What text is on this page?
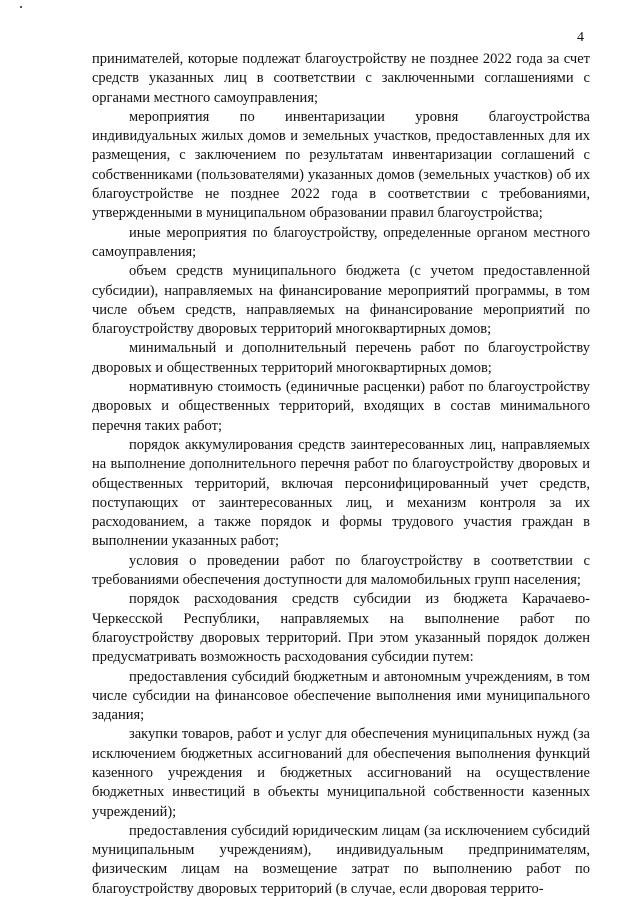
4

принимателей, которые подлежат благоустройству не позднее 2022 года за счет средств указанных лиц в соответствии с заключенными соглашениями с органами местного самоуправления;

мероприятия по инвентаризации уровня благоустройства индивидуальных жилых домов и земельных участков, предоставленных для их размещения, с заключением по результатам инвентаризации соглашений с собственниками (пользователями) указанных домов (земельных участков) об их благоустройстве не позднее 2022 года в соответствии с требованиями, утвержденными в муниципальном образовании правил благоустройства;

иные мероприятия по благоустройству, определенные органом местного самоуправления;

объем средств муниципального бюджета (с учетом предоставленной субсидии), направляемых на финансирование мероприятий программы, в том числе объем средств, направляемых на финансирование мероприятий по благоустройству дворовых территорий многоквартирных домов;

минимальный и дополнительный перечень работ по благоустройству дворовых и общественных территорий многоквартирных домов;

нормативную стоимость (единичные расценки) работ по благоустройству дворовых и общественных территорий, входящих в состав минимального перечня таких работ;

порядок аккумулирования средств заинтересованных лиц, направляемых на выполнение дополнительного перечня работ по благоустройству дворовых и общественных территорий, включая персонифицированный учет средств, поступающих от заинтересованных лиц, и механизм контроля за их расходованием, а также порядок и формы трудового участия граждан в выполнении указанных работ;

условия о проведении работ по благоустройству в соответствии с требованиями обеспечения доступности для маломобильных групп населения;

порядок расходования средств субсидии из бюджета Карачаево-Черкесской Республики, направляемых на выполнение работ по благоустройству дворовых территорий. При этом указанный порядок должен предусматривать возможность расходования субсидии путем:

предоставления субсидий бюджетным и автономным учреждениям, в том числе субсидии на финансовое обеспечение выполнения ими муниципального задания;

закупки товаров, работ и услуг для обеспечения муниципальных нужд (за исключением бюджетных ассигнований для обеспечения выполнения функций казенного учреждения и бюджетных ассигнований на осуществление бюджетных инвестиций в объекты муниципальной собственности казенных учреждений);

предоставления субсидий юридическим лицам (за исключением субсидий муниципальным учреждениям), индивидуальным предпринимателям, физическим лицам на возмещение затрат по выполнению работ по благоустройству дворовых территорий (в случае, если дворовая террито-
